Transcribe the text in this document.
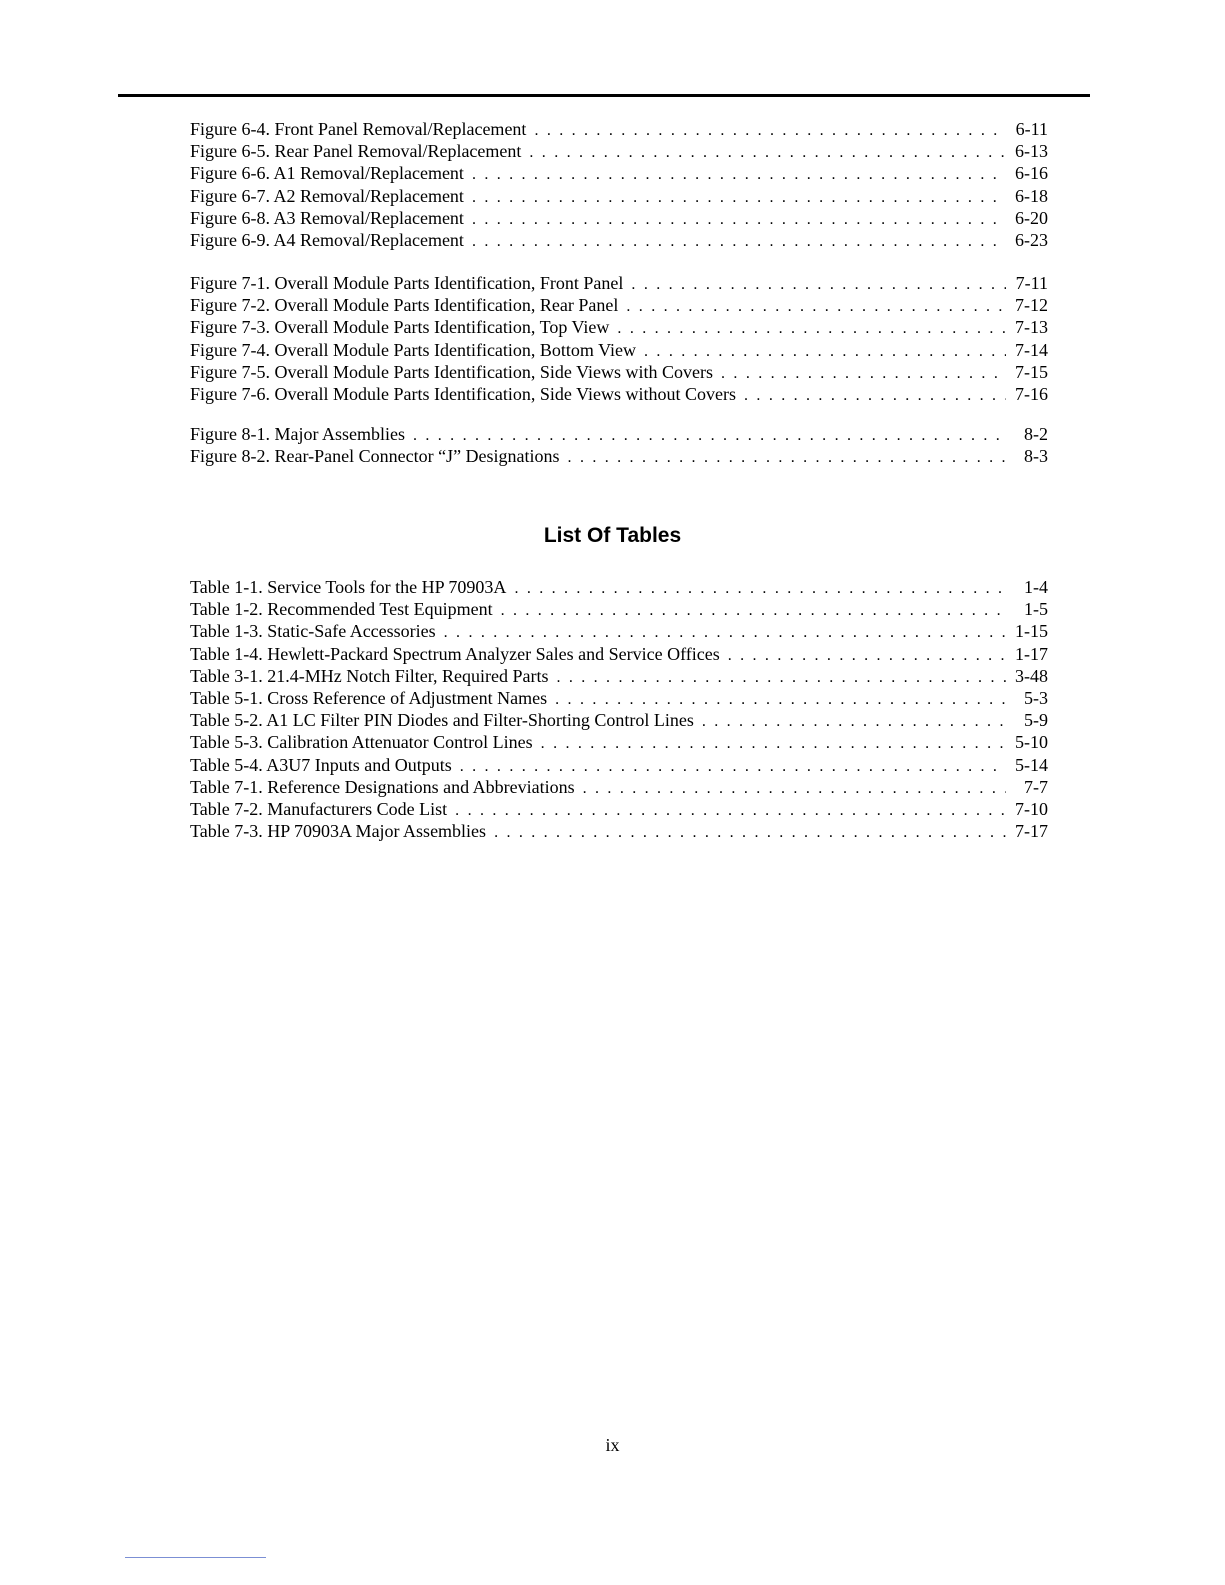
Figure 6-4. Front Panel Removal/Replacement . . .	6-11
Figure 6-5. Rear Panel Removal/Replacement . . .	6-13
Figure 6-6. A1 Removal/Replacement . . .	6-16
Figure 6-7. A2 Removal/Replacement . . .	6-18
Figure 6-8. A3 Removal/Replacement . . .	6-20
Figure 6-9. A4 Removal/Replacement . . .	6-23
Figure 7-1. Overall Module Parts Identification, Front Panel . . .	7-11
Figure 7-2. Overall Module Parts Identification, Rear Panel . . .	7-12
Figure 7-3. Overall Module Parts Identification, Top View . . .	7-13
Figure 7-4. Overall Module Parts Identification, Bottom View . . .	7-14
Figure 7-5. Overall Module Parts Identification, Side Views with Covers . . .	7-15
Figure 7-6. Overall Module Parts Identification, Side Views without Covers . . .	7-16
Figure 8-1. Major Assemblies . . .	8-2
Figure 8-2. Rear-Panel Connector “J” Designations . . .	8-3
List Of Tables
Table 1-1. Service Tools for the HP 70903A . . .	1-4
Table 1-2. Recommended Test Equipment . . .	1-5
Table 1-3. Static-Safe Accessories . . .	1-15
Table 1-4. Hewlett-Packard Spectrum Analyzer Sales and Service Offices . . .	1-17
Table 3-1. 21.4-MHz Notch Filter, Required Parts . . .	3-48
Table 5-1. Cross Reference of Adjustment Names . . .	5-3
Table 5-2. A1 LC Filter PIN Diodes and Filter-Shorting Control Lines . . .	5-9
Table 5-3. Calibration Attenuator Control Lines . . .	5-10
Table 5-4. A3U7 Inputs and Outputs . . .	5-14
Table 7-1. Reference Designations and Abbreviations . . .	7-7
Table 7-2. Manufacturers Code List . . .	7-10
Table 7-3. HP 70903A Major Assemblies . . .	7-17
ix
